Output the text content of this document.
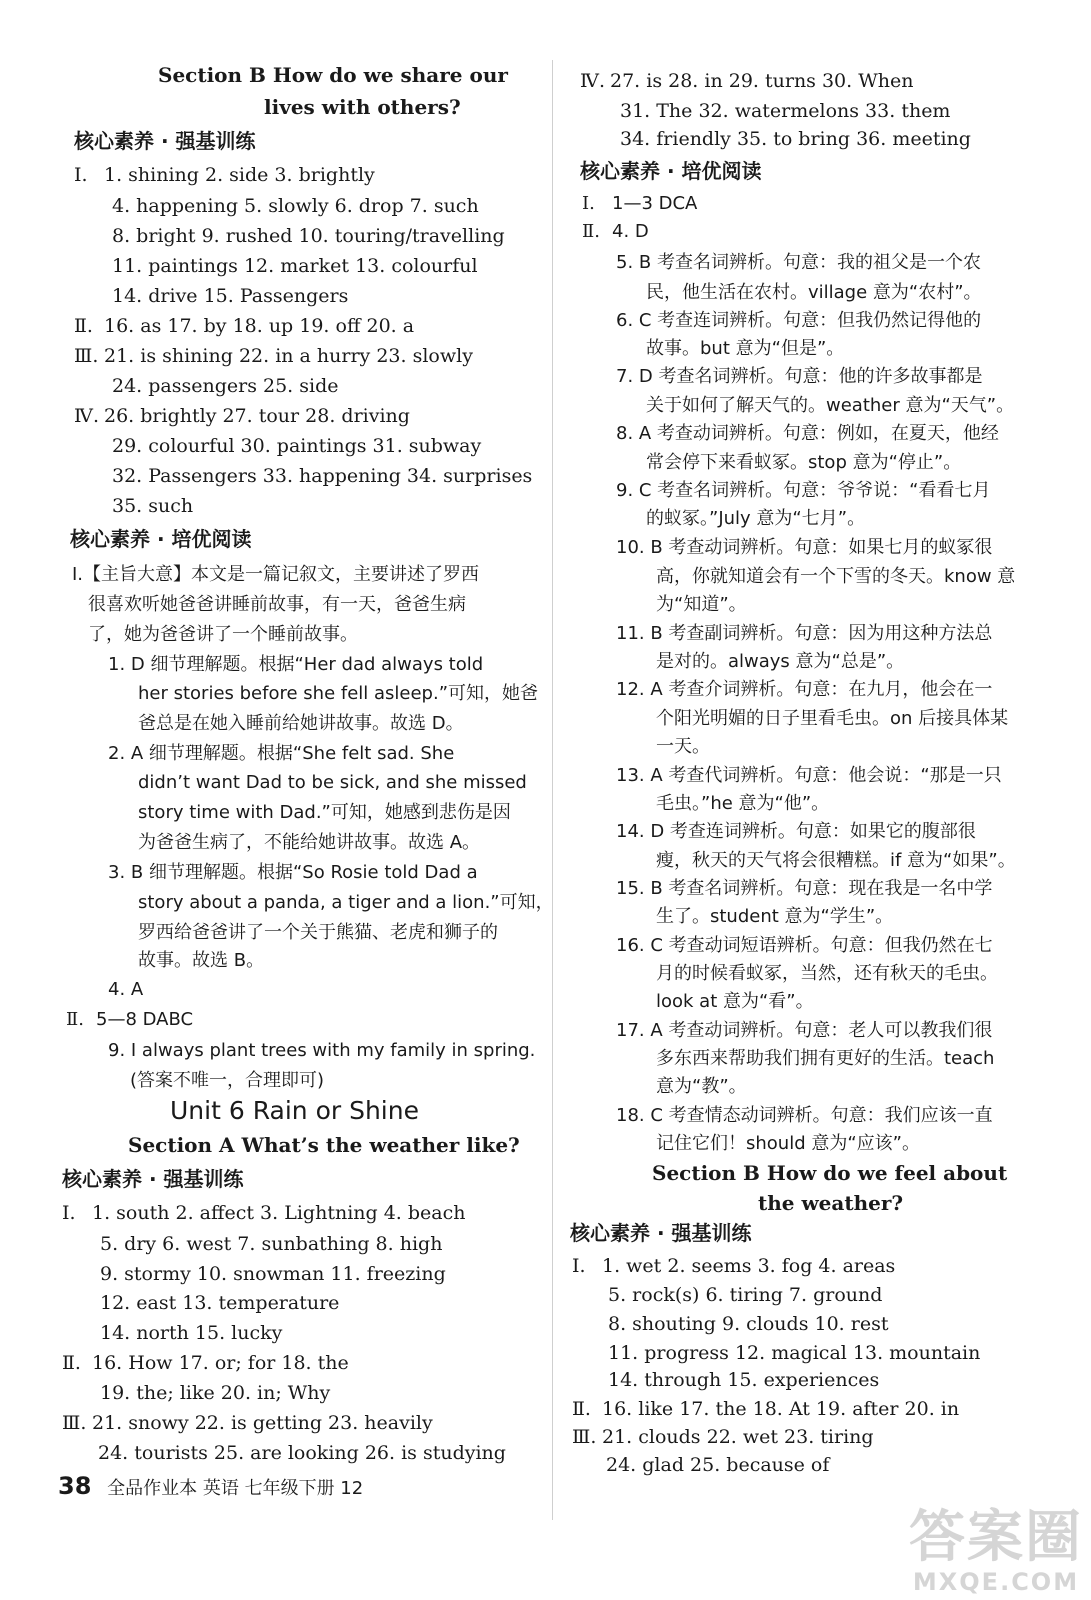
Section B How do we share our
lives with others?
核心素养 · 强基训练
Ⅰ. 1. shining 2. side 3. brightly
4. happening 5. slowly 6. drop 7. such
8. bright 9. rushed 10. touring/travelling
11. paintings 12. market 13. colourful
14. drive 15. Passengers
Ⅱ. 16. as 17. by 18. up 19. off 20. a
Ⅲ. 21. is shining 22. in a hurry 23. slowly
24. passengers 25. side
Ⅳ. 26. brightly 27. tour 28. driving
29. colourful 30. paintings 31. subway
32. Passengers 33. happening 34. surprises
35. such
核心素养 · 培优阅读
Ⅰ.【主旨大意】本文是一篇记叙文，主要讲述了罗西
很喜欢听她爸爸讲睡前故事，有一天，爸爸生病
了，她为爸爸讲了一个睡前故事。
1. D 细节理解题。根据“Her dad always told
her stories before she fell asleep.”可知，她爸
爸总是在她入睡前给她讲故事。故选 D。
2. A 细节理解题。根据“She felt sad. She
didn’t want Dad to be sick, and she missed
story time with Dad.”可知，她感到悲伤是因
为爸爸生病了，不能给她讲故事。故选 A。
3. B 细节理解题。根据“So Rosie told Dad a
story about a panda, a tiger and a lion.”可知，
罗西给爸爸讲了一个关于熊猫、老虎和狮子的
故事。故选 B。
4. A
Ⅱ. 5—8 DABC
9. I always plant trees with my family in spring.
(答案不唯一，合理即可)
Unit 6 Rain or Shine
Section A What’s the weather like?
核心素养 · 强基训练
Ⅰ. 1. south 2. affect 3. Lightning 4. beach
5. dry 6. west 7. sunbathing 8. high
9. stormy 10. snowman 11. freezing
12. east 13. temperature
14. north 15. lucky
Ⅱ. 16. How 17. or; for 18. the
19. the; like 20. in; Why
Ⅲ. 21. snowy 22. is getting 23. heavily
24. tourists 25. are looking 26. is studying
Ⅳ. 27. is 28. in 29. turns 30. When
31. The 32. watermelons 33. them
34. friendly 35. to bring 36. meeting
核心素养 · 培优阅读
Ⅰ. 1—3 DCA
Ⅱ. 4. D
5. B 考查名词辨析。句意：我的祖父是一个农
民，他生活在农村。village 意为“农村”。
6. C 考查连词辨析。句意：但我仍然记得他的
故事。but 意为“但是”。
7. D 考查名词辨析。句意：他的许多故事都是
关于如何了解天气的。weather 意为“天气”。
8. A 考查动词辨析。句意：例如，在夏天，他经
常会停下来看蚁冢。stop 意为“停止”。
9. C 考查名词辨析。句意：爷爷说：“看看七月
的蚁冢。”July 意为“七月”。
10. B 考查动词辨析。句意：如果七月的蚁冢很
高，你就知道会有一个下雪的冬天。know 意
为“知道”。
11. B 考查副词辨析。句意：因为用这种方法总
是对的。always 意为“总是”。
12. A 考查介词辨析。句意：在九月，他会在一
个阳光明媚的日子里看毛虫。on 后接具体某
一天。
13. A 考查代词辨析。句意：他会说：“那是一只
毛虫。”he 意为“他”。
14. D 考查连词辨析。句意：如果它的腹部很
瘦，秋天的天气将会很糟糕。if 意为“如果”。
15. B 考查名词辨析。句意：现在我是一名中学
生了。student 意为“学生”。
16. C 考查动词短语辨析。句意：但我仍然在七
月的时候看蚁冢，当然，还有秋天的毛虫。
look at 意为“看”。
17. A 考查动词辨析。句意：老人可以教我们很
多东西来帮助我们拥有更好的生活。teach
意为“教”。
18. C 考查情态动词辨析。句意：我们应该一直
记住它们！should 意为“应该”。
Section B How do we feel about
the weather?
核心素养 · 强基训练
Ⅰ. 1. wet 2. seems 3. fog 4. areas
5. rock(s) 6. tiring 7. ground
8. shouting 9. clouds 10. rest
11. progress 12. magical 13. mountain
14. through 15. experiences
Ⅱ. 16. like 17. the 18. At 19. after 20. in
Ⅲ. 21. clouds 22. wet 23. tiring
24. glad 25. because of
38 全品作业本 英语 七年级下册 12
答案圈
MXQE.COM
